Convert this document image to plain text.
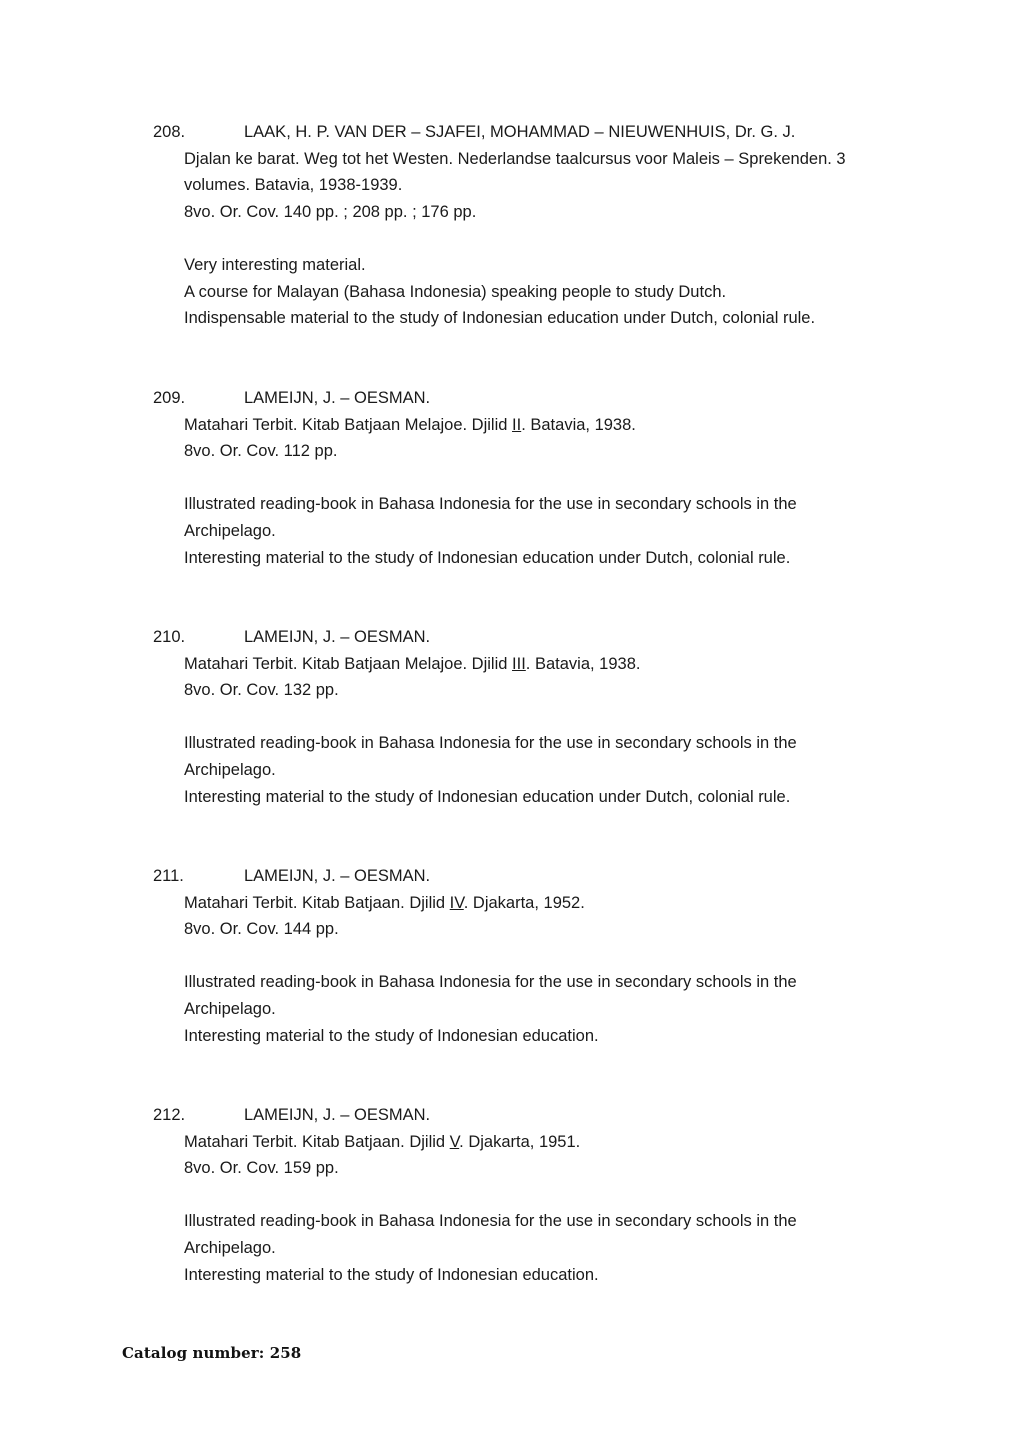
208.	LAAK, H. P. VAN DER – SJAFEI, MOHAMMAD – NIEUWENHUIS, Dr. G. J.
Djalan ke barat. Weg tot het Westen. Nederlandse taalcursus voor Maleis – Sprekenden. 3
volumes. Batavia, 1938-1939.
8vo. Or. Cov. 140 pp. ; 208 pp. ; 176 pp.
Very interesting material.
A course for Malayan (Bahasa Indonesia) speaking people to study Dutch.
Indispensable material to the study of Indonesian education under Dutch, colonial rule.
209.	LAMEIJN, J. – OESMAN.
Matahari Terbit. Kitab Batjaan Melajoe. Djilid II. Batavia, 1938.
8vo. Or. Cov. 112 pp.
Illustrated reading-book in Bahasa Indonesia for the use in secondary schools in the
Archipelago.
Interesting material to the study of Indonesian education under Dutch, colonial rule.
210.	LAMEIJN, J. – OESMAN.
Matahari Terbit. Kitab Batjaan Melajoe. Djilid III. Batavia, 1938.
8vo. Or. Cov. 132 pp.
Illustrated reading-book in Bahasa Indonesia for the use in secondary schools in the
Archipelago.
Interesting material to the study of Indonesian education under Dutch, colonial rule.
211.	LAMEIJN, J. – OESMAN.
Matahari Terbit. Kitab Batjaan. Djilid IV. Djakarta, 1952.
8vo. Or. Cov. 144 pp.
Illustrated reading-book in Bahasa Indonesia for the use in secondary schools in the
Archipelago.
Interesting material to the study of Indonesian education.
212.	LAMEIJN, J. – OESMAN.
Matahari Terbit. Kitab Batjaan. Djilid V. Djakarta, 1951.
8vo. Or. Cov. 159 pp.
Illustrated reading-book in Bahasa Indonesia for the use in secondary schools in the
Archipelago.
Interesting material to the study of Indonesian education.
Catalog number: 258
